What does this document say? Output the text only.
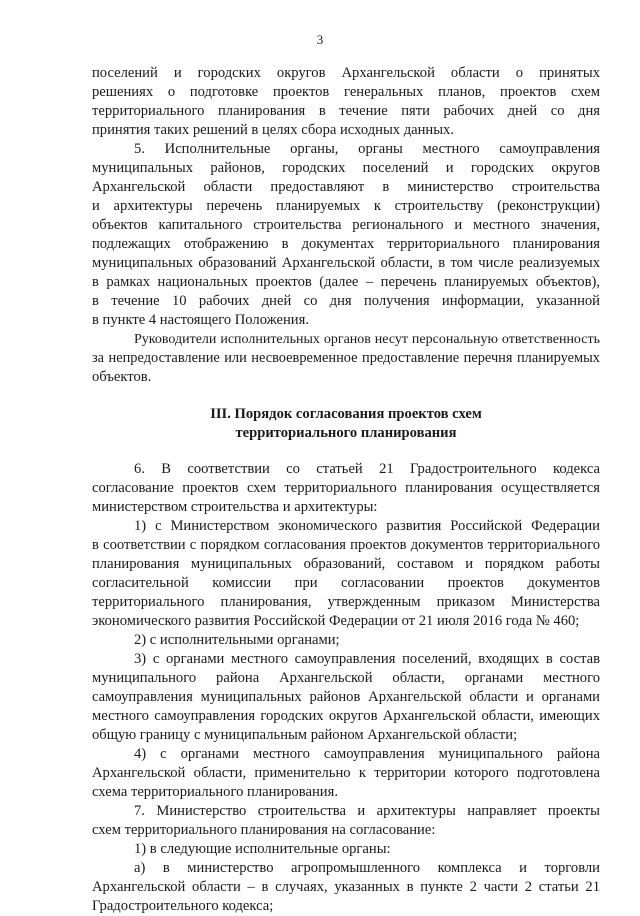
3
поселений и городских округов Архангельской области о принятых
решениях о подготовке проектов генеральных планов, проектов схем
территориального планирования в течение пяти рабочих дней со дня
принятия таких решений в целях сбора исходных данных.
5. Исполнительные органы, органы местного самоуправления
муниципальных районов, городских поселений и городских округов
Архангельской области предоставляют в министерство строительства
и архитектуры перечень планируемых к строительству (реконструкции)
объектов капитального строительства регионального и местного значения,
подлежащих отображению в документах территориального планирования
муниципальных образований Архангельской области, в том числе реализуемых
в рамках национальных проектов (далее – перечень планируемых объектов),
в течение 10 рабочих дней со дня получения информации, указанной
в пункте 4 настоящего Положения.
Руководители исполнительных органов несут персональную ответственность
за непредоставление или несвоевременное предоставление перечня планируемых
объектов.
III. Порядок согласования проектов схем
территориального планирования
6. В соответствии со статьей 21 Градостроительного кодекса
согласование проектов схем территориального планирования осуществляется
министерством строительства и архитектуры:
1) с Министерством экономического развития Российской Федерации
в соответствии с порядком согласования проектов документов территориального
планирования муниципальных образований, составом и порядком работы
согласительной комиссии при согласовании проектов документов
территориального планирования, утвержденным приказом Министерства
экономического развития Российской Федерации от 21 июля 2016 года № 460;
2) с исполнительными органами;
3) с органами местного самоуправления поселений, входящих в состав
муниципального района Архангельской области, органами местного
самоуправления муниципальных районов Архангельской области и органами
местного самоуправления городских округов Архангельской области, имеющих
общую границу с муниципальным районом Архангельской области;
4) с органами местного самоуправления муниципального района
Архангельской области, применительно к территории которого подготовлена
схема территориального планирования.
7. Министерство строительства и архитектуры направляет проекты
схем территориального планирования на согласование:
1) в следующие исполнительные органы:
а) в министерство агропромышленного комплекса и торговли
Архангельской области – в случаях, указанных в пункте 2 части 2 статьи 21
Градостроительного кодекса;
